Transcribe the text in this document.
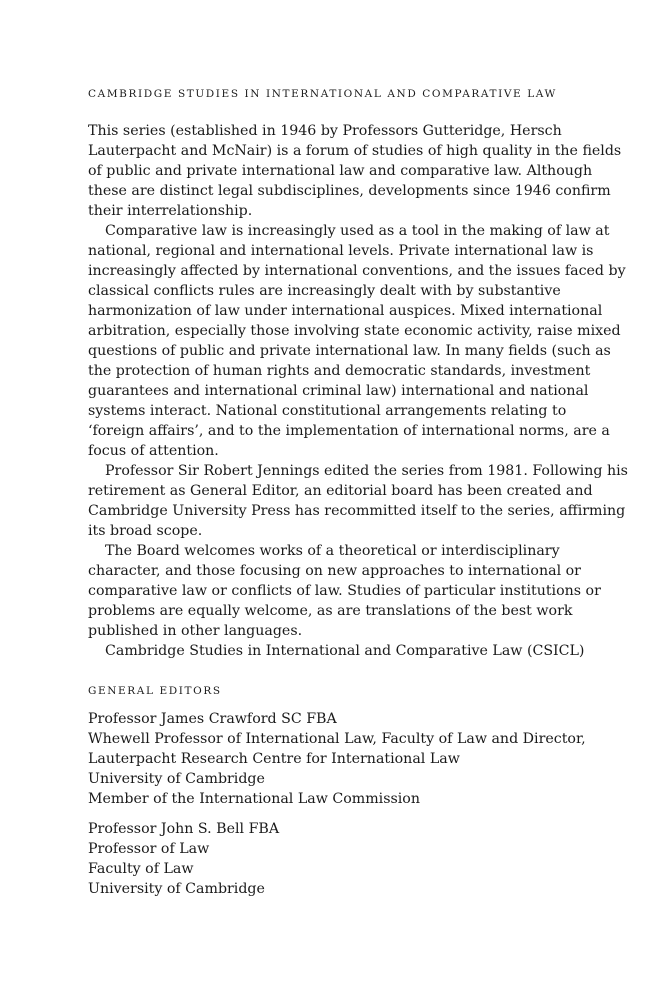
CAMBRIDGE STUDIES IN INTERNATIONAL AND COMPARATIVE LAW
This series (established in 1946 by Professors Gutteridge, Hersch
Lauterpacht and McNair) is a forum of studies of high quality in the fields
of public and private international law and comparative law. Although
these are distinct legal subdisciplines, developments since 1946 confirm
their interrelationship.
Comparative law is increasingly used as a tool in the making of law at
national, regional and international levels. Private international law is
increasingly affected by international conventions, and the issues faced by
classical conflicts rules are increasingly dealt with by substantive
harmonization of law under international auspices. Mixed international
arbitration, especially those involving state economic activity, raise mixed
questions of public and private international law. In many fields (such as
the protection of human rights and democratic standards, investment
guarantees and international criminal law) international and national
systems interact. National constitutional arrangements relating to
‘foreign affairs’, and to the implementation of international norms, are a
focus of attention.
Professor Sir Robert Jennings edited the series from 1981. Following his
retirement as General Editor, an editorial board has been created and
Cambridge University Press has recommitted itself to the series, affirming
its broad scope.
The Board welcomes works of a theoretical or interdisciplinary
character, and those focusing on new approaches to international or
comparative law or conflicts of law. Studies of particular institutions or
problems are equally welcome, as are translations of the best work
published in other languages.
Cambridge Studies in International and Comparative Law (CSICL)
GENERAL EDITORS
Professor James Crawford SC FBA
Whewell Professor of International Law, Faculty of Law and Director,
Lauterpacht Research Centre for International Law
University of Cambridge
Member of the International Law Commission
Professor John S. Bell FBA
Professor of Law
Faculty of Law
University of Cambridge
